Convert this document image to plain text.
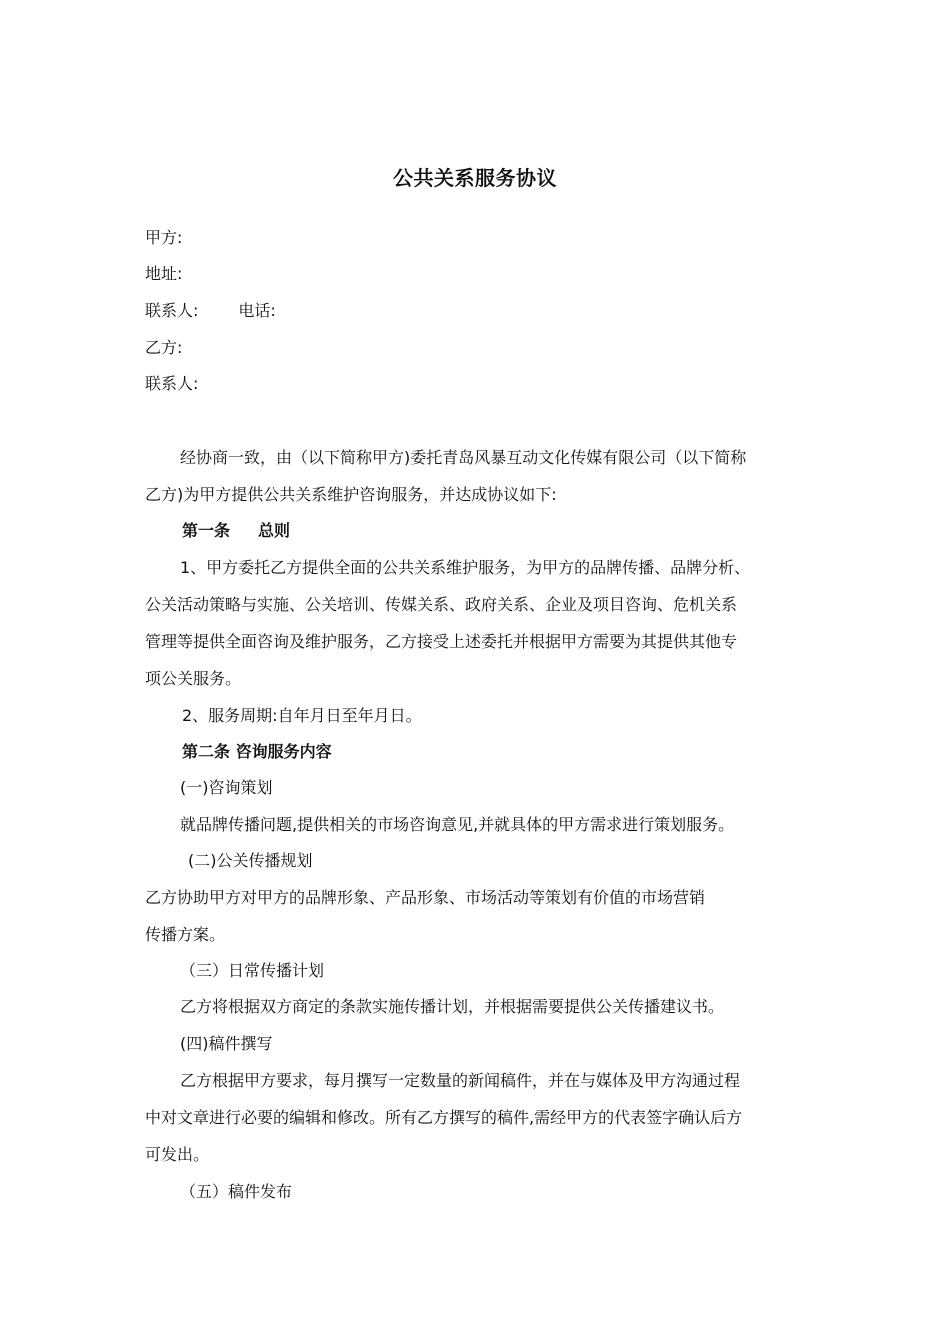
公共关系服务协议
甲方:
地址:
联系人:	电话:
乙方:
联系人:
经协商一致，由（以下简称甲方)委托青岛风暴互动文化传媒有限公司（以下简称
乙方)为甲方提供公共关系维护咨询服务，并达成协议如下:
第一条 总则
1、甲方委托乙方提供全面的公共关系维护服务，为甲方的品牌传播、品牌分析、
公关活动策略与实施、公关培训、传媒关系、政府关系、企业及项目咨询、危机关系
管理等提供全面咨询及维护服务，乙方接受上述委托并根据甲方需要为其提供其他专
项公关服务。
2、服务周期:自年月日至年月日。
第二条 咨询服务内容
(一)咨询策划
就品牌传播问题,提供相关的市场咨询意见,并就具体的甲方需求进行策划服务。
(二)公关传播规划
乙方协助甲方对甲方的品牌形象、产品形象、市场活动等策划有价值的市场营销
传播方案。
（三）日常传播计划
乙方将根据双方商定的条款实施传播计划，并根据需要提供公关传播建议书。
(四)稿件撰写
乙方根据甲方要求，每月撰写一定数量的新闻稿件，并在与媒体及甲方沟通过程
中对文章进行必要的编辑和修改。所有乙方撰写的稿件,需经甲方的代表签字确认后方
可发出。
（五）稿件发布
